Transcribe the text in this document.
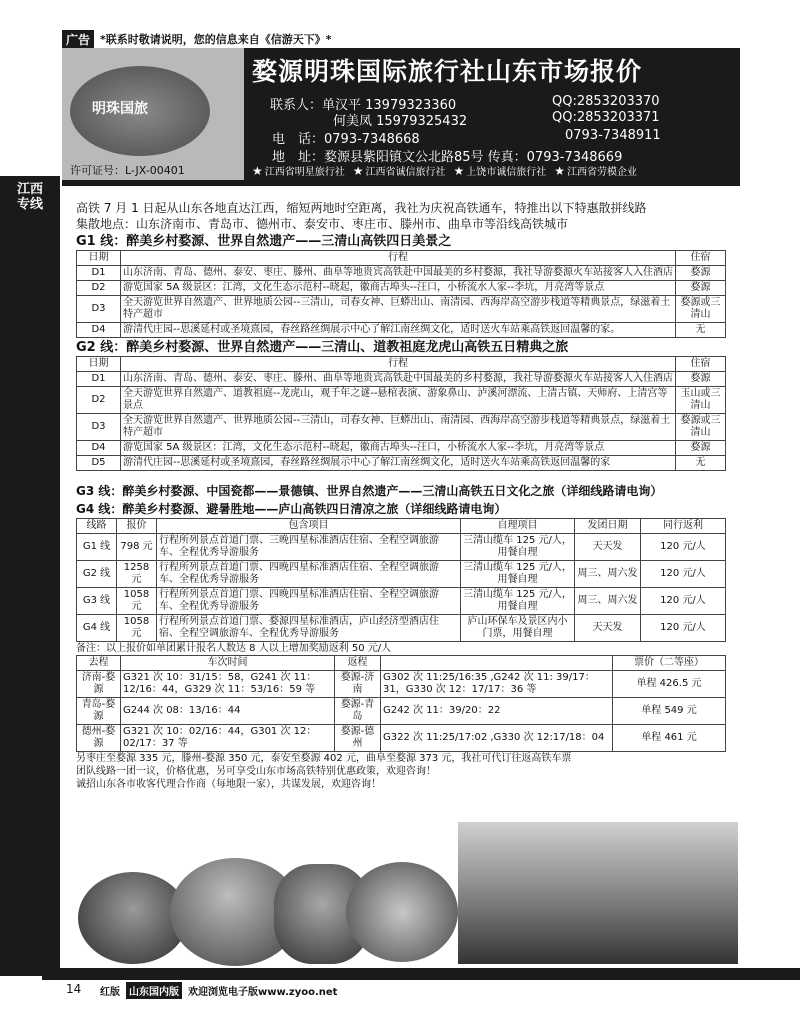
江西专线
广告 *联系时敬请说明，您的信息来自《信游天下》*
明珠国旅
许可证号：L-JX-00401
婺源明珠国际旅行社山东市场报价
联系人：单汉平 13979323360	QQ:2853203370
何美凤 15979325432	QQ:2853203371
电　话：0793-7348668	0793-7348911
地　址：婺源县紫阳镇文公北路85号 传真：0793-7348669
★ 江西省明星旅行社 ★ 江西省诚信旅行社 ★ 上饶市诚信旅行社 ★ 江西省劳模企业
高铁 7 月 1 日起从山东各地直达江西，缩短两地时空距离，我社为庆祝高铁通车，特推出以下特惠散拼线路
集散地点：山东济南市、青岛市、德州市、泰安市、枣庄市、滕州市、曲阜市等沿线高铁城市
G1 线：醉美乡村婺源、世界自然遗产——三清山高铁四日美景之
日期	行程	住宿
D1	山东济南、青岛、德州、泰安、枣庄、滕州、曲阜等地贵宾高铁赴中国最美的乡村婺源，我社导游婺源火车站接客人入住酒店	婺源
D2	游览国家 5A 级景区：江湾，文化生态示范村--晓起，徽商古埠头--汪口，小桥流水人家--李坑，月亮湾等景点	婺源
D3	全天游览世界自然遗产、世界地质公园--三清山，司春女神、巨蟒出山、南清园、西海岸高空游步栈道等精典景点，绿滋着土特产超市	婺源或三清山
D4	游清代庄园--思溪延村或圣境熹园，春丝路丝绸展示中心了解江南丝绸文化，适时送火车站乘高铁返回温馨的家。	无
G2 线：醉美乡村婺源、世界自然遗产——三清山、道教祖庭龙虎山高铁五日精典之旅
日期	行程	住宿
D1	山东济南、青岛、德州、泰安、枣庄、滕州、曲阜等地贵宾高铁赴中国最美的乡村婺源，我社导游婺源火车站接客人入住酒店	婺源
D2	全天游览世界自然遗产、道教祖庭--龙虎山，观千年之谜--悬棺表演、游象鼻山、泸溪河漂流、上清古镇、天师府、上清宫等景点	玉山或三清山
D3	全天游览世界自然遗产、世界地质公园--三清山，司春女神、巨蟒出山、南清园、西海岸高空游步栈道等精典景点，绿滋着土特产超市	婺源或三清山
D4	游览国家 5A 级景区：江湾，文化生态示范村--晓起，徽商古埠头--汪口，小桥流水人家--李坑，月亮湾等景点	婺源
D5	游清代庄园--思溪延村或圣境熹园，春丝路丝绸展示中心了解江南丝绸文化，适时送火车站乘高铁返回温馨的家	无
G3 线：醉美乡村婺源、中国瓷都——景德镇、世界自然遗产——三清山高铁五日文化之旅（详细线路请电询）
G4 线：醉美乡村婺源、避暑胜地——庐山高铁四日清凉之旅（详细线路请电询）
线路	报价	包含项目	自理项目	发团日期	同行返利
G1 线	798 元	行程所列景点首道门票、三晚四星标准酒店住宿、全程空调旅游车、全程优秀导游服务	三清山缆车 125 元/人，用餐自理	天天发	120 元/人
G2 线	1258 元	行程所列景点首道门票、四晚四星标准酒店住宿、全程空调旅游车、全程优秀导游服务	三清山缆车 125 元/人，用餐自理	周三、周六发	120 元/人
G3 线	1058 元	行程所列景点首道门票、四晚四星标准酒店住宿、全程空调旅游车、全程优秀导游服务	三清山缆车 125 元/人，用餐自理	周三、周六发	120 元/人
G4 线	1058 元	行程所列景点首道门票、婺源四星标准酒店，庐山经济型酒店住宿、全程空调旅游车、全程优秀导游服务	庐山环保车及景区内小门票，用餐自理	天天发	120 元/人
备注：以上报价如单团累计报名人数达 8 人以上增加奖励返利 50 元/人
去程	车次时间	返程		票价（二等座）
济南-婺源	G321 次 10：31/15：58，G241 次 11：12/16：44，G329 次 11：53/16：59 等	婺源-济南	G302 次 11:25/16:35 ,G242 次 11: 39/17：31，G330 次 12：17/17：36 等	单程 426.5 元
青岛-婺源	G244 次 08：13/16：44	婺源-青岛	G242 次 11：39/20：22	单程 549 元
德州-婺源	G321 次 10：02/16：44，G301 次 12：02/17：37 等	婺源-德州	G322 次 11:25/17:02 ,G330 次 12:17/18：04	单程 461 元
另枣庄至婺源 335 元，滕州-婺源 350 元，泰安至婺源 402 元，曲阜至婺源 373 元，我社可代订往返高铁车票
团队线路一团一议，价格优惠，另可享受山东市场高铁特别优惠政策，欢迎咨询！
诚招山东各市收客代理合作商（每地限一家），共谋发展，欢迎咨询！
14 红版 山东国内版 欢迎浏览电子版www.zyoo.net
